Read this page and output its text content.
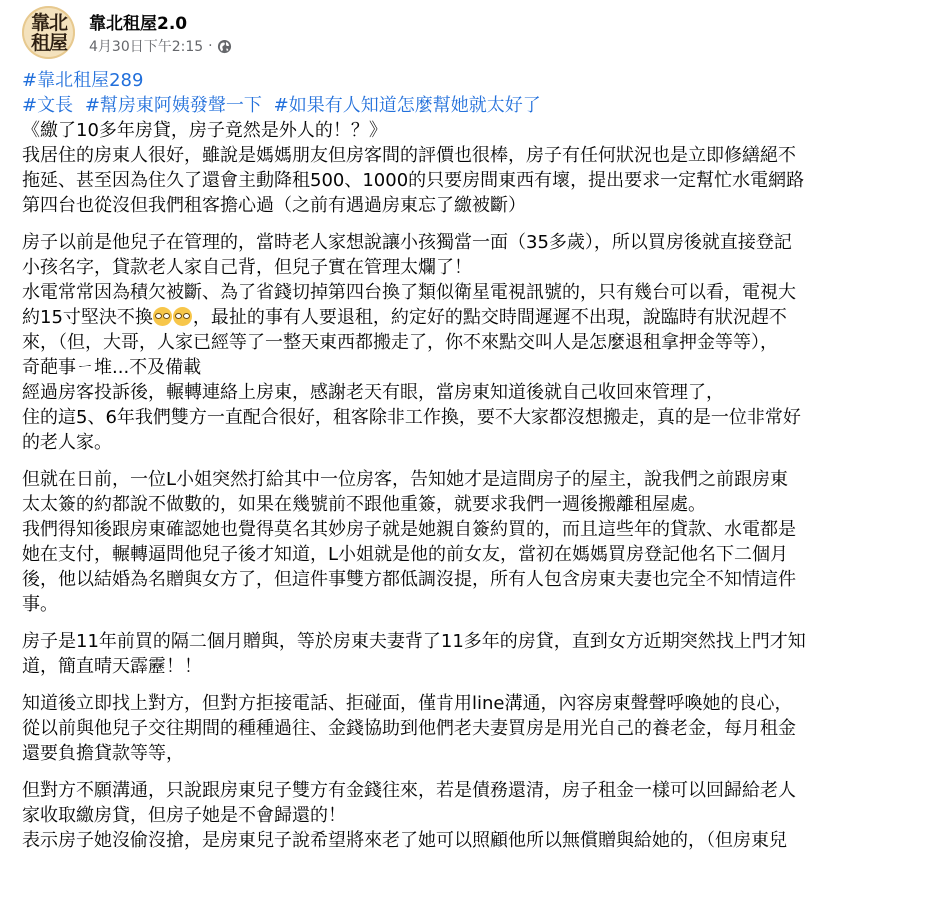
靠北租屋
靠北租屋2.0
4月30日下午2:15 ·
#靠北租屋289
#文長 #幫房東阿姨發聲一下 #如果有人知道怎麼幫她就太好了
《繳了10多年房貸，房子竟然是外人的！？》
我居住的房東人很好，雖說是媽媽朋友但房客間的評價也很棒，房子有任何狀況也是立即修繕絕不
拖延、甚至因為住久了還會主動降租500、1000的只要房間東西有壞，提出要求一定幫忙水電網路
第四台也從沒但我們租客擔心過（之前有遇過房東忘了繳被斷）
房子以前是他兒子在管理的，當時老人家想說讓小孩獨當一面（35多歲），所以買房後就直接登記
小孩名字，貸款老人家自己背，但兒子實在管理太爛了！
水電常常因為積欠被斷、為了省錢切掉第四台換了類似衛星電視訊號的，只有幾台可以看，電視大
約15寸堅決不換 ，最扯的事有人要退租，約定好的點交時間遲遲不出現，說臨時有狀況趕不
來，（但，大哥，人家已經等了一整天東西都搬走了，你不來點交叫人是怎麼退租拿押金等等），
奇葩事ㄧ堆...不及備載
經過房客投訴後，輾轉連絡上房東，感謝老天有眼，當房東知道後就自己收回來管理了，
住的這5、6年我們雙方一直配合很好，租客除非工作換，要不大家都沒想搬走，真的是一位非常好
的老人家。
但就在日前，一位L小姐突然打給其中一位房客，告知她才是這間房子的屋主，說我們之前跟房東
太太簽的約都說不做數的，如果在幾號前不跟他重簽，就要求我們一週後搬離租屋處。
我們得知後跟房東確認她也覺得莫名其妙房子就是她親自簽約買的，而且這些年的貸款、水電都是
她在支付，輾轉逼問他兒子後才知道，L小姐就是他的前女友，當初在媽媽買房登記他名下二個月
後，他以結婚為名贈與女方了，但這件事雙方都低調沒提，所有人包含房東夫妻也完全不知情這件
事。
房子是11年前買的隔二個月贈與，等於房東夫妻背了11多年的房貸，直到女方近期突然找上門才知
道，簡直晴天霹靂！！
知道後立即找上對方，但對方拒接電話、拒碰面，僅肯用line溝通，內容房東聲聲呼喚她的良心，
從以前與他兒子交往期間的種種過往、金錢協助到他們老夫妻買房是用光自己的養老金，每月租金
還要負擔貸款等等，
但對方不願溝通，只說跟房東兒子雙方有金錢往來，若是債務還清，房子租金一樣可以回歸給老人
家收取繳房貸，但房子她是不會歸還的！
表示房子她沒偷沒搶，是房東兒子說希望將來老了她可以照顧他所以無償贈與給她的，（但房東兒
